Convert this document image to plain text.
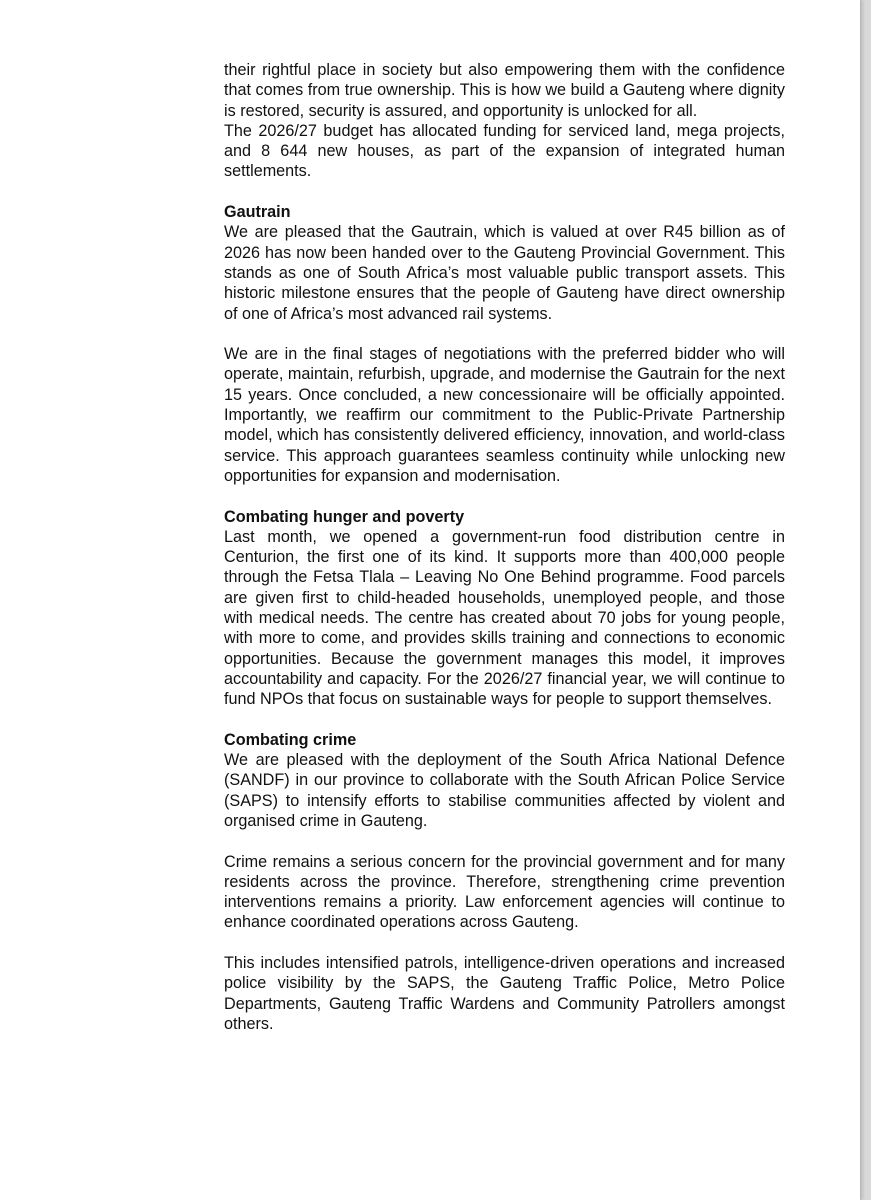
their rightful place in society but also empowering them with the confidence that comes from true ownership. This is how we build a Gauteng where dignity is restored, security is assured, and opportunity is unlocked for all.

The 2026/27 budget has allocated funding for serviced land, mega projects, and 8 644 new houses, as part of the expansion of integrated human settlements.

Gautrain

We are pleased that the Gautrain, which is valued at over R45 billion as of 2026 has now been handed over to the Gauteng Provincial Government. This stands as one of South Africa’s most valuable public transport assets. This historic milestone ensures that the people of Gauteng have direct ownership of one of Africa’s most advanced rail systems.

We are in the final stages of negotiations with the preferred bidder who will operate, maintain, refurbish, upgrade, and modernise the Gautrain for the next 15 years. Once concluded, a new concessionaire will be officially appointed. Importantly, we reaffirm our commitment to the Public-Private Partnership model, which has consistently delivered efficiency, innovation, and world-class service. This approach guarantees seamless continuity while unlocking new opportunities for expansion and modernisation.

Combating hunger and poverty

Last month, we opened a government-run food distribution centre in Centurion, the first one of its kind. It supports more than 400,000 people through the Fetsa Tlala – Leaving No One Behind programme. Food parcels are given first to child-headed households, unemployed people, and those with medical needs. The centre has created about 70 jobs for young people, with more to come, and provides skills training and connections to economic opportunities. Because the government manages this model, it improves accountability and capacity. For the 2026/27 financial year, we will continue to fund NPOs that focus on sustainable ways for people to support themselves.

Combating crime

We are pleased with the deployment of the South Africa National Defence (SANDF) in our province to collaborate with the South African Police Service (SAPS) to intensify efforts to stabilise communities affected by violent and organised crime in Gauteng.

Crime remains a serious concern for the provincial government and for many residents across the province. Therefore, strengthening crime prevention interventions remains a priority. Law enforcement agencies will continue to enhance coordinated operations across Gauteng.

This includes intensified patrols, intelligence-driven operations and increased police visibility by the SAPS, the Gauteng Traffic Police, Metro Police Departments, Gauteng Traffic Wardens and Community Patrollers amongst others.
